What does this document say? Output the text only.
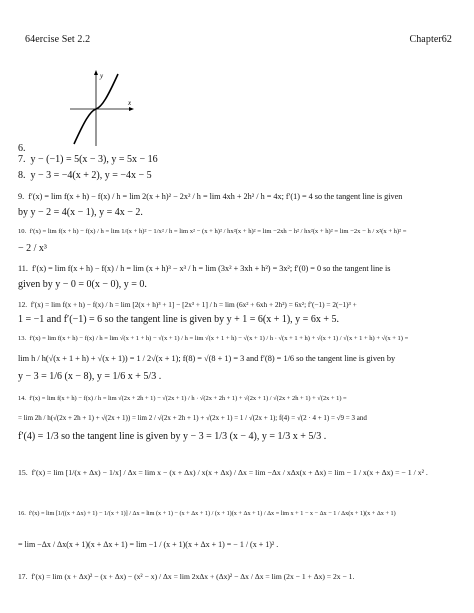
64ercise Set 2.2	Chapter62
y
x
6.
7. y − (−1) = 5(x − 3), y = 5x − 16
8. y − 3 = −4(x + 2), y = −4x − 5
9. f′(x) = lim f(x + h) − f(x) / h = lim 2(x + h)² − 2x² / h = lim 4xh + 2h² / h = 4x; f′(1) = 4 so the tangent line is given
by y − 2 = 4(x − 1), y = 4x − 2.
10. f′(x) = lim f(x + h) − f(x) / h = lim 1/(x + h)² − 1/x² / h = lim x² − (x + h)² / hx²(x + h)² = lim −2xh − h² / hx²(x + h)² = lim −2x − h / x²(x + h)² =
− 2 / x³
11. f′(x) = lim f(x + h) − f(x) / h = lim (x + h)³ − x³ / h = lim (3x² + 3xh + h²) = 3x²; f′(0) = 0 so the tangent line is
given by y − 0 = 0(x − 0), y = 0.
12. f′(x) = lim f(x + h) − f(x) / h = lim [2(x + h)³ + 1] − [2x³ + 1] / h = lim (6x² + 6xh + 2h²) = 6x²; f′(−1) = 2(−1)³ +
1 = −1 and f′(−1) = 6 so the tangent line is given by y + 1 = 6(x + 1), y = 6x + 5.
13. f′(x) = lim f(x + h) − f(x) / h = lim √(x + 1 + h) − √(x + 1) / h = lim √(x + 1 + h) − √(x + 1) / h · √(x + 1 + h) + √(x + 1) / √(x + 1 + h) + √(x + 1) =
lim h / h(√(x + 1 + h) + √(x + 1)) = 1 / 2√(x + 1); f(8) = √(8 + 1) = 3 and f′(8) = 1/6 so the tangent line is given by
y − 3 = 1/6 (x − 8), y = 1/6 x + 5/3 .
14. f′(x) = lim f(x + h) − f(x) / h = lim √(2x + 2h + 1) − √(2x + 1) / h · √(2x + 2h + 1) + √(2x + 1) / √(2x + 2h + 1) + √(2x + 1) =
= lim 2h / h(√(2x + 2h + 1) + √(2x + 1)) = lim 2 / √(2x + 2h + 1) + √(2x + 1) = 1 / √(2x + 1); f(4) = √(2 · 4 + 1) = √9 = 3 and
f′(4) = 1/3 so the tangent line is given by y − 3 = 1/3 (x − 4), y = 1/3 x + 5/3 .
15. f′(x) = lim [1/(x + Δx) − 1/x] / Δx = lim x − (x + Δx) / x(x + Δx) / Δx = lim −Δx / xΔx(x + Δx) = lim − 1 / x(x + Δx) = − 1 / x² .
16. f′(x) = lim [1/((x + Δx) + 1) − 1/(x + 1)] / Δx = lim (x + 1) − (x + Δx + 1) / (x + 1)(x + Δx + 1) / Δx = lim x + 1 − x − Δx − 1 / Δx(x + 1)(x + Δx + 1)
= lim −Δx / Δx(x + 1)(x + Δx + 1) = lim −1 / (x + 1)(x + Δx + 1) = − 1 / (x + 1)² .
17. f′(x) = lim (x + Δx)² − (x + Δx) − (x² − x) / Δx = lim 2xΔx + (Δx)² − Δx / Δx = lim (2x − 1 + Δx) = 2x − 1.
